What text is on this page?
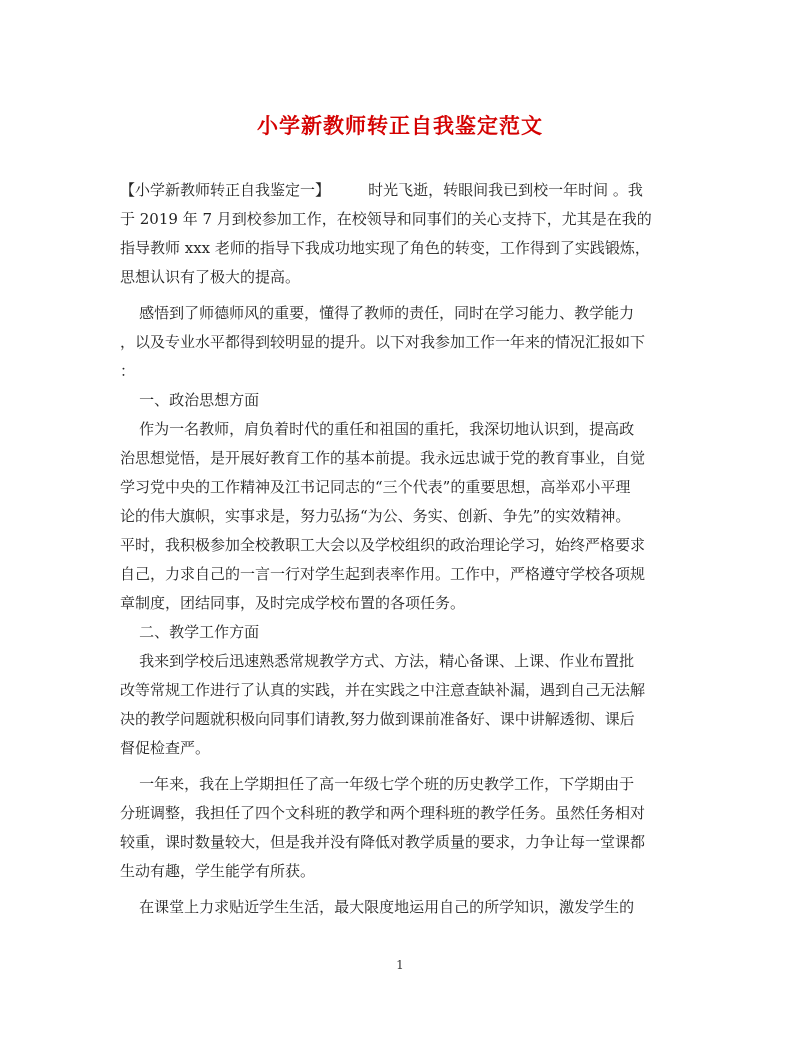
小学新教师转正自我鉴定范文
【小学新教师转正自我鉴定一】        时光飞逝，转眼间我已到校一年时间 。我
于 2019 年 7 月到校参加工作，在校领导和同事们的关心支持下，尤其是在我的
指导教师 xxx 老师的指导下我成功地实现了角色的转变，工作得到了实践锻炼，
思想认识有了极大的提高。
感悟到了师德师风的重要，懂得了教师的责任，同时在学习能力、教学能力
，以及专业水平都得到较明显的提升。以下对我参加工作一年来的情况汇报如下
：
一、政治思想方面
作为一名教师，肩负着时代的重任和祖国的重托，我深切地认识到，提高政
治思想觉悟，是开展好教育工作的基本前提。我永远忠诚于党的教育事业，自觉
学习党中央的工作精神及江书记同志的“三个代表”的重要思想，高举邓小平理
论的伟大旗帜，实事求是，努力弘扬“为公、务实、创新、争先”的实效精神。
平时，我积极参加全校教职工大会以及学校组织的政治理论学习，始终严格要求
自己，力求自己的一言一行对学生起到表率作用。工作中，严格遵守学校各项规
章制度，团结同事，及时完成学校布置的各项任务。
二、教学工作方面
我来到学校后迅速熟悉常规教学方式、方法，精心备课、上课、作业布置批
改等常规工作进行了认真的实践，并在实践之中注意查缺补漏，遇到自己无法解
决的教学问题就积极向同事们请教,努力做到课前准备好、课中讲解透彻、课后
督促检查严。
一年来，我在上学期担任了高一年级七学个班的历史教学工作，下学期由于
分班调整，我担任了四个文科班的教学和两个理科班的教学任务。虽然任务相对
较重，课时数量较大，但是我并没有降低对教学质量的要求，力争让每一堂课都
生动有趣，学生能学有所获。
在课堂上力求贴近学生生活，最大限度地运用自己的所学知识，激发学生的
1
